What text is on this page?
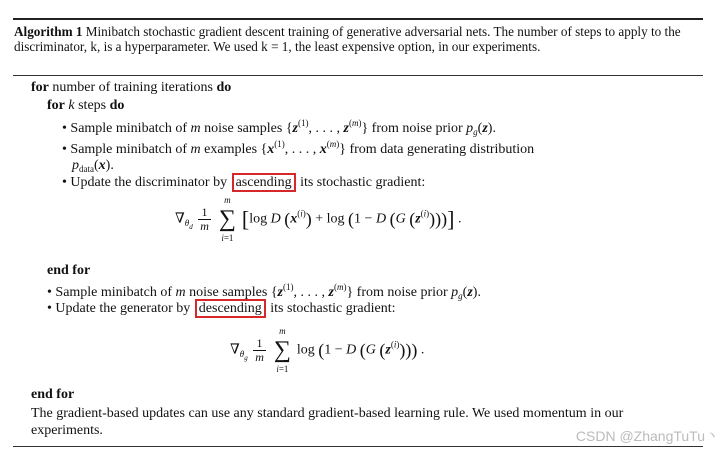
Algorithm 1 Minibatch stochastic gradient descent training of generative adversarial nets. The number of steps to apply to the discriminator, k, is a hyperparameter. We used k = 1, the least expensive option, in our experiments.
for number of training iterations do
for k steps do
• Sample minibatch of m noise samples {$z^{(1)}$, . . . , $z^{(m)}$} from noise prior $p_g(z)$.
• Sample minibatch of m examples {$x^{(1)}$, . . . , $x^{(m)}$} from data generating distribution
$p_{data}(x)$.
• Update the discriminator by ascending its stochastic gradient:
$\nabla_{\theta_d} \frac{1}{m}$

m
∑
i=1
[log D $(x^{(i)}) + \log (1 - D$ (G $(z^{(i)})$))] .
end for
• Sample minibatch of m noise samples {$z^{(1)}$, . . . , $z^{(m)}$} from noise prior $p_g(z)$.
• Update the generator by descending its stochastic gradient:
$\nabla_{\theta_g} \frac{1}{m}$

m
∑
i=1
log (1 − D (G $(z^{(i)})$)) .
end for
The gradient-based updates can use any standard gradient-based learning rule. We used momentum in our experiments.	CSDN @ZhangTuTu丶
